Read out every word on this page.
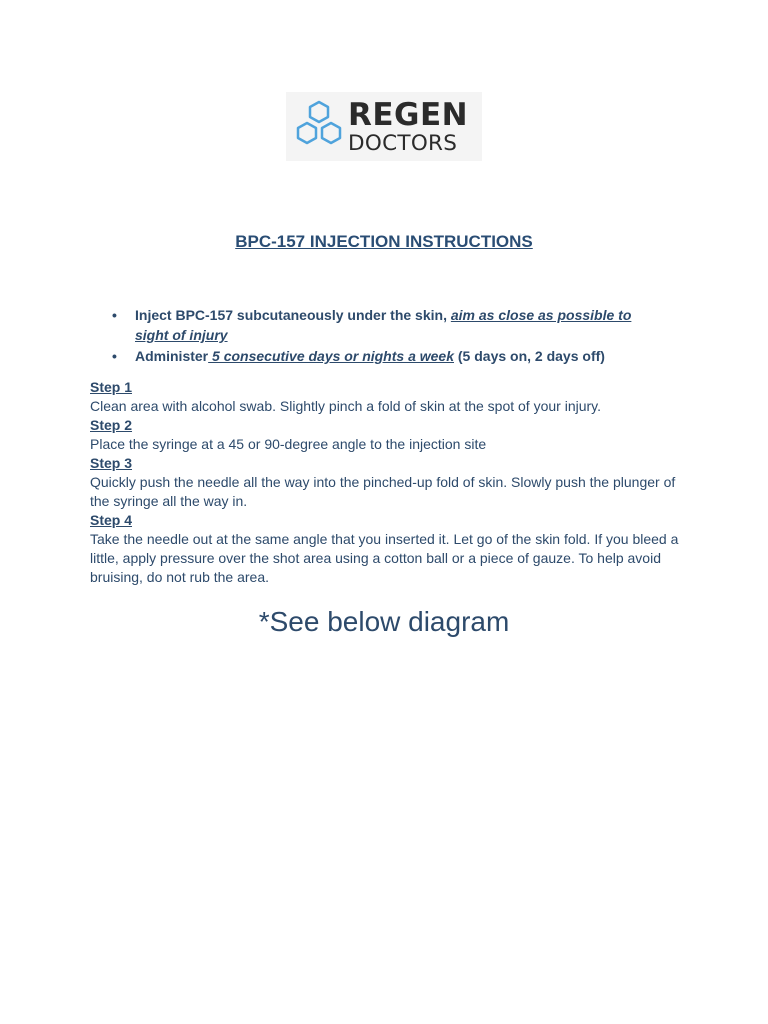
REGEN
DOCTORS
BPC-157 INJECTION INSTRUCTIONS
• Inject BPC-157 subcutaneously under the skin, aim as close as possible to sight of injury
• Administer 5 consecutive days or nights a week (5 days on, 2 days off)
Step 1
Clean area with alcohol swab. Slightly pinch a fold of skin at the spot of your injury.
Step 2
Place the syringe at a 45 or 90-degree angle to the injection site
Step 3
Quickly push the needle all the way into the pinched-up fold of skin. Slowly push the plunger of the syringe all the way in.
Step 4
Take the needle out at the same angle that you inserted it. Let go of the skin fold. If you bleed a little, apply pressure over the shot area using a cotton ball or a piece of gauze. To help avoid bruising, do not rub the area.

*See below diagram
